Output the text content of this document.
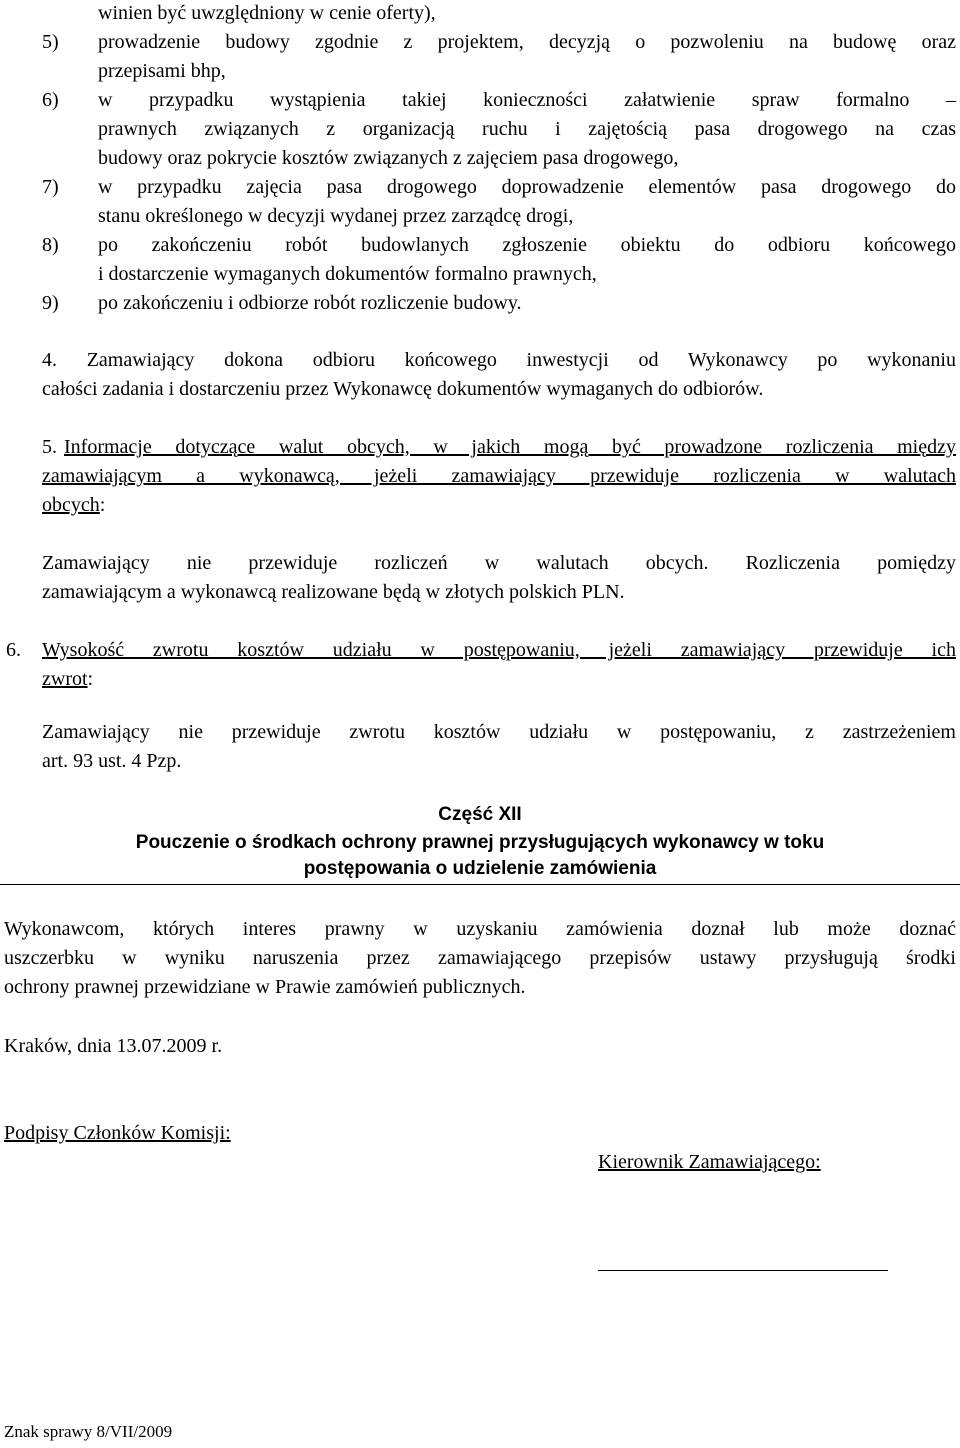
winien być uwzględniony w cenie oferty),
5) prowadzenie budowy zgodnie z projektem, decyzją o pozwoleniu na budowę oraz
przepisami bhp,
6) w przypadku wystąpienia takiej konieczności załatwienie spraw formalno –
prawnych związanych z organizacją ruchu i zajętością pasa drogowego na czas
budowy oraz pokrycie kosztów związanych z zajęciem pasa drogowego,
7) w przypadku zajęcia pasa drogowego doprowadzenie elementów pasa drogowego do
stanu określonego w decyzji wydanej przez zarządcę drogi,
8) po zakończeniu robót budowlanych zgłoszenie obiektu do odbioru końcowego
i dostarczenie wymaganych dokumentów formalno prawnych,
9) po zakończeniu i odbiorze robót rozliczenie budowy.
4. Zamawiający dokona odbioru końcowego inwestycji od Wykonawcy po wykonaniu
całości zadania i dostarczeniu przez Wykonawcę dokumentów wymaganych do odbiorów.
5. Informacje dotyczące walut obcych, w jakich mogą być prowadzone rozliczenia między
zamawiającym a wykonawcą, jeżeli zamawiający przewiduje rozliczenia w walutach
obcych:
Zamawiający nie przewiduje rozliczeń w walutach obcych. Rozliczenia pomiędzy
zamawiającym a wykonawcą realizowane będą w złotych polskich PLN.
6. Wysokość zwrotu kosztów udziału w postępowaniu, jeżeli zamawiający przewiduje ich
zwrot:
Zamawiający nie przewiduje zwrotu kosztów udziału w postępowaniu, z zastrzeżeniem
art. 93 ust. 4 Pzp.
Część XII
Pouczenie o środkach ochrony prawnej przysługujących wykonawcy w toku
postępowania o udzielenie zamówienia
Wykonawcom, których interes prawny w uzyskaniu zamówienia doznał lub może doznać
uszczerbku w wyniku naruszenia przez zamawiającego przepisów ustawy przysługują środki
ochrony prawnej przewidziane w Prawie zamówień publicznych.
Kraków, dnia 13.07.2009 r.
Podpisy Członków Komisji:
Kierownik Zamawiającego:
Znak sprawy 8/VII/2009
